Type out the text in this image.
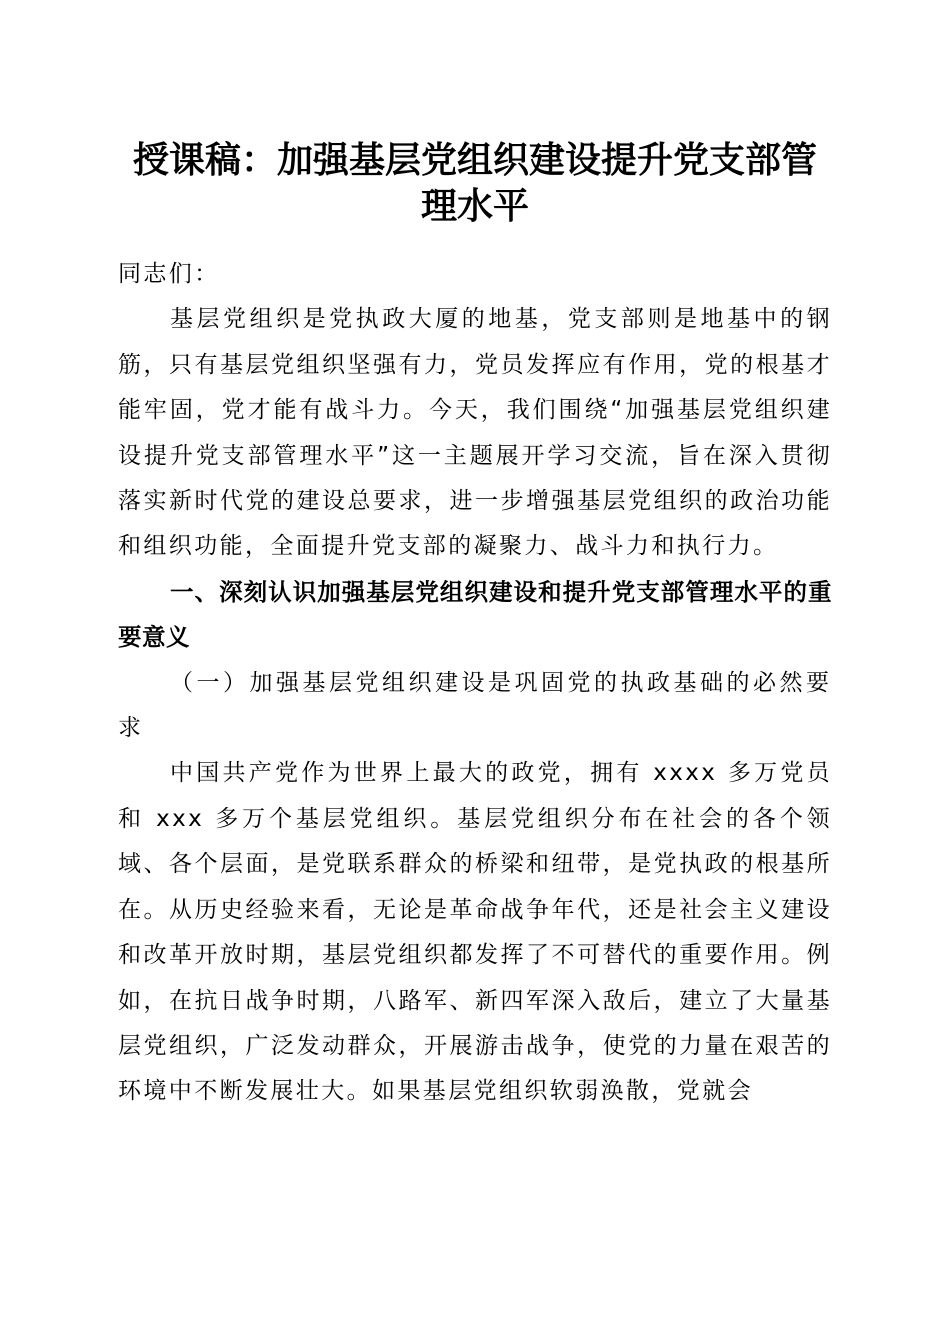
授课稿：加强基层党组织建设提升党支部管理水平

同志们：

基层党组织是党执政大厦的地基，党支部则是地基中的钢筋，只有基层党组织坚强有力，党员发挥应有作用，党的根基才能牢固，党才能有战斗力。今天，我们围绕“加强基层党组织建设提升党支部管理水平”这一主题展开学习交流，旨在深入贯彻落实新时代党的建设总要求，进一步增强基层党组织的政治功能和组织功能，全面提升党支部的凝聚力、战斗力和执行力。

一、深刻认识加强基层党组织建设和提升党支部管理水平的重要意义

（一）加强基层党组织建设是巩固党的执政基础的必然要求

中国共产党作为世界上最大的政党，拥有 xxxx 多万党员和 xxx 多万个基层党组织。基层党组织分布在社会的各个领域、各个层面，是党联系群众的桥梁和纽带，是党执政的根基所在。从历史经验来看，无论是革命战争年代，还是社会主义建设和改革开放时期，基层党组织都发挥了不可替代的重要作用。例如，在抗日战争时期，八路军、新四军深入敌后，建立了大量基层党组织，广泛发动群众，开展游击战争，使党的力量在艰苦的环境中不断发展壮大。如果基层党组织软弱涣散，党就会
